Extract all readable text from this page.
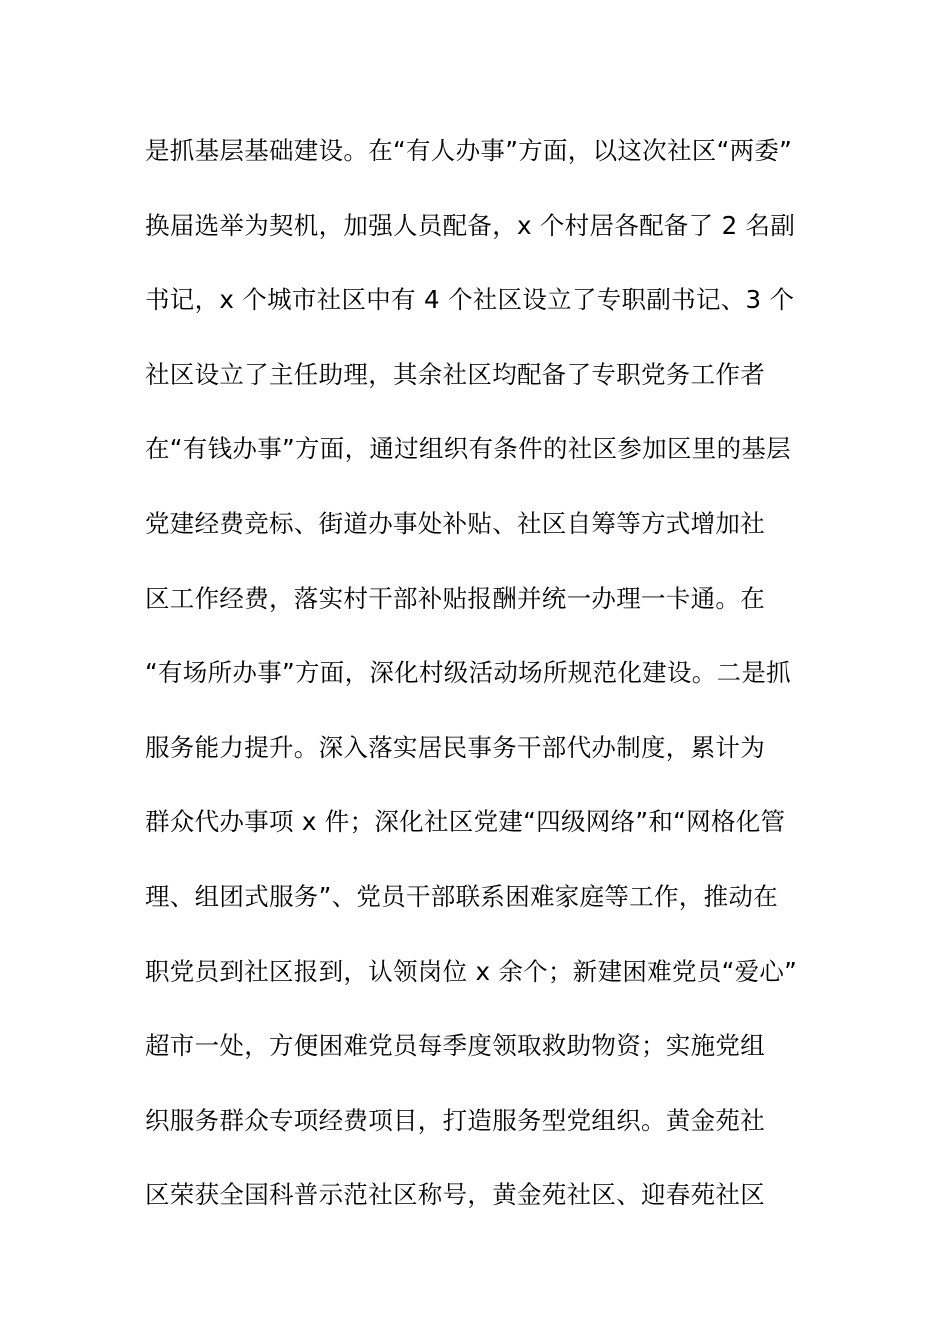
是抓基层基础建设。在“有人办事”方面，以这次社区“两委”

换届选举为契机，加强人员配备，x 个村居各配备了 2 名副

书记，x 个城市社区中有 4 个社区设立了专职副书记、3 个

社区设立了主任助理，其余社区均配备了专职党务工作者

在“有钱办事”方面，通过组织有条件的社区参加区里的基层

党建经费竞标、街道办事处补贴、社区自筹等方式增加社

区工作经费，落实村干部补贴报酬并统一办理一卡通。在

“有场所办事”方面，深化村级活动场所规范化建设。二是抓

服务能力提升。深入落实居民事务干部代办制度，累计为

群众代办事项 x 件；深化社区党建“四级网络”和“网格化管

理、组团式服务”、党员干部联系困难家庭等工作，推动在

职党员到社区报到，认领岗位 x 余个；新建困难党员“爱心”

超市一处，方便困难党员每季度领取救助物资；实施党组

织服务群众专项经费项目，打造服务型党组织。黄金苑社

区荣获全国科普示范社区称号，黄金苑社区、迎春苑社区
